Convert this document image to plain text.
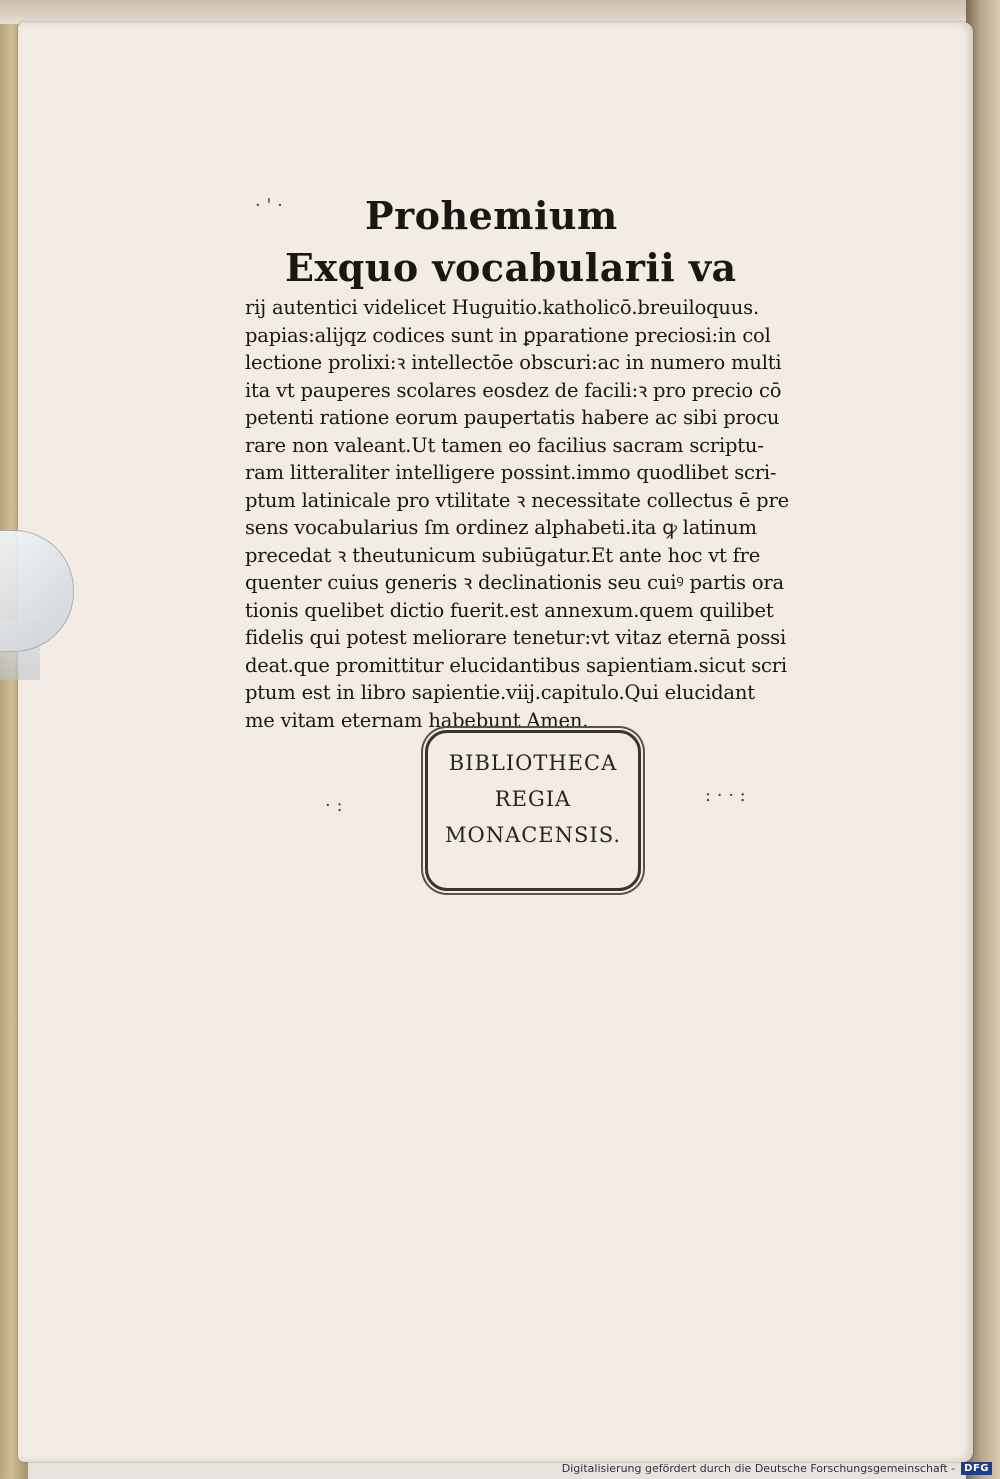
· ' ·
· :	: · · :

Prohemium

Exquo vocabularii va

rij autentici videlicet Huguitio.katholicō.breuiloquus.

papias:alijqz codices sunt in ꝑparatione preciosi:in col

lectione prolixi:ꝛ intellectōe obscuri:ac in numero multi

ita vt pauperes scolares eosdez de facili:ꝛ pro precio cō

petenti ratione eorum paupertatis habere ac sibi procu

rare non valeant.Ut tamen eo facilius sacram scriptu-

ram litteraliter intelligere possint.immo quodlibet scri-

ptum latinicale pro vtilitate ꝛ necessitate collectus ē pre

sens vocabularius ſm ordinez alphabeti.ita ꝙ latinum

precedat ꝛ theutunicum subiūgatur.Et ante hoc vt fre

quenter cuius generis ꝛ declinationis seu cuiꝰ partis ora

tionis quelibet dictio fuerit.est annexum.quem quilibet

fidelis qui potest meliorare tenetur:vt vitaz eternā possi

deat.que promittitur elucidantibus sapientiam.sicut scri

ptum est in libro sapientie.viij.capitulo.Qui elucidant

me vitam eternam habebunt Amen.

BIBLIOTHECA

REGIA

MONACENSIS.

Digitalisierung gefördert durch die Deutsche Forschungsgemeinschaft - DFG
